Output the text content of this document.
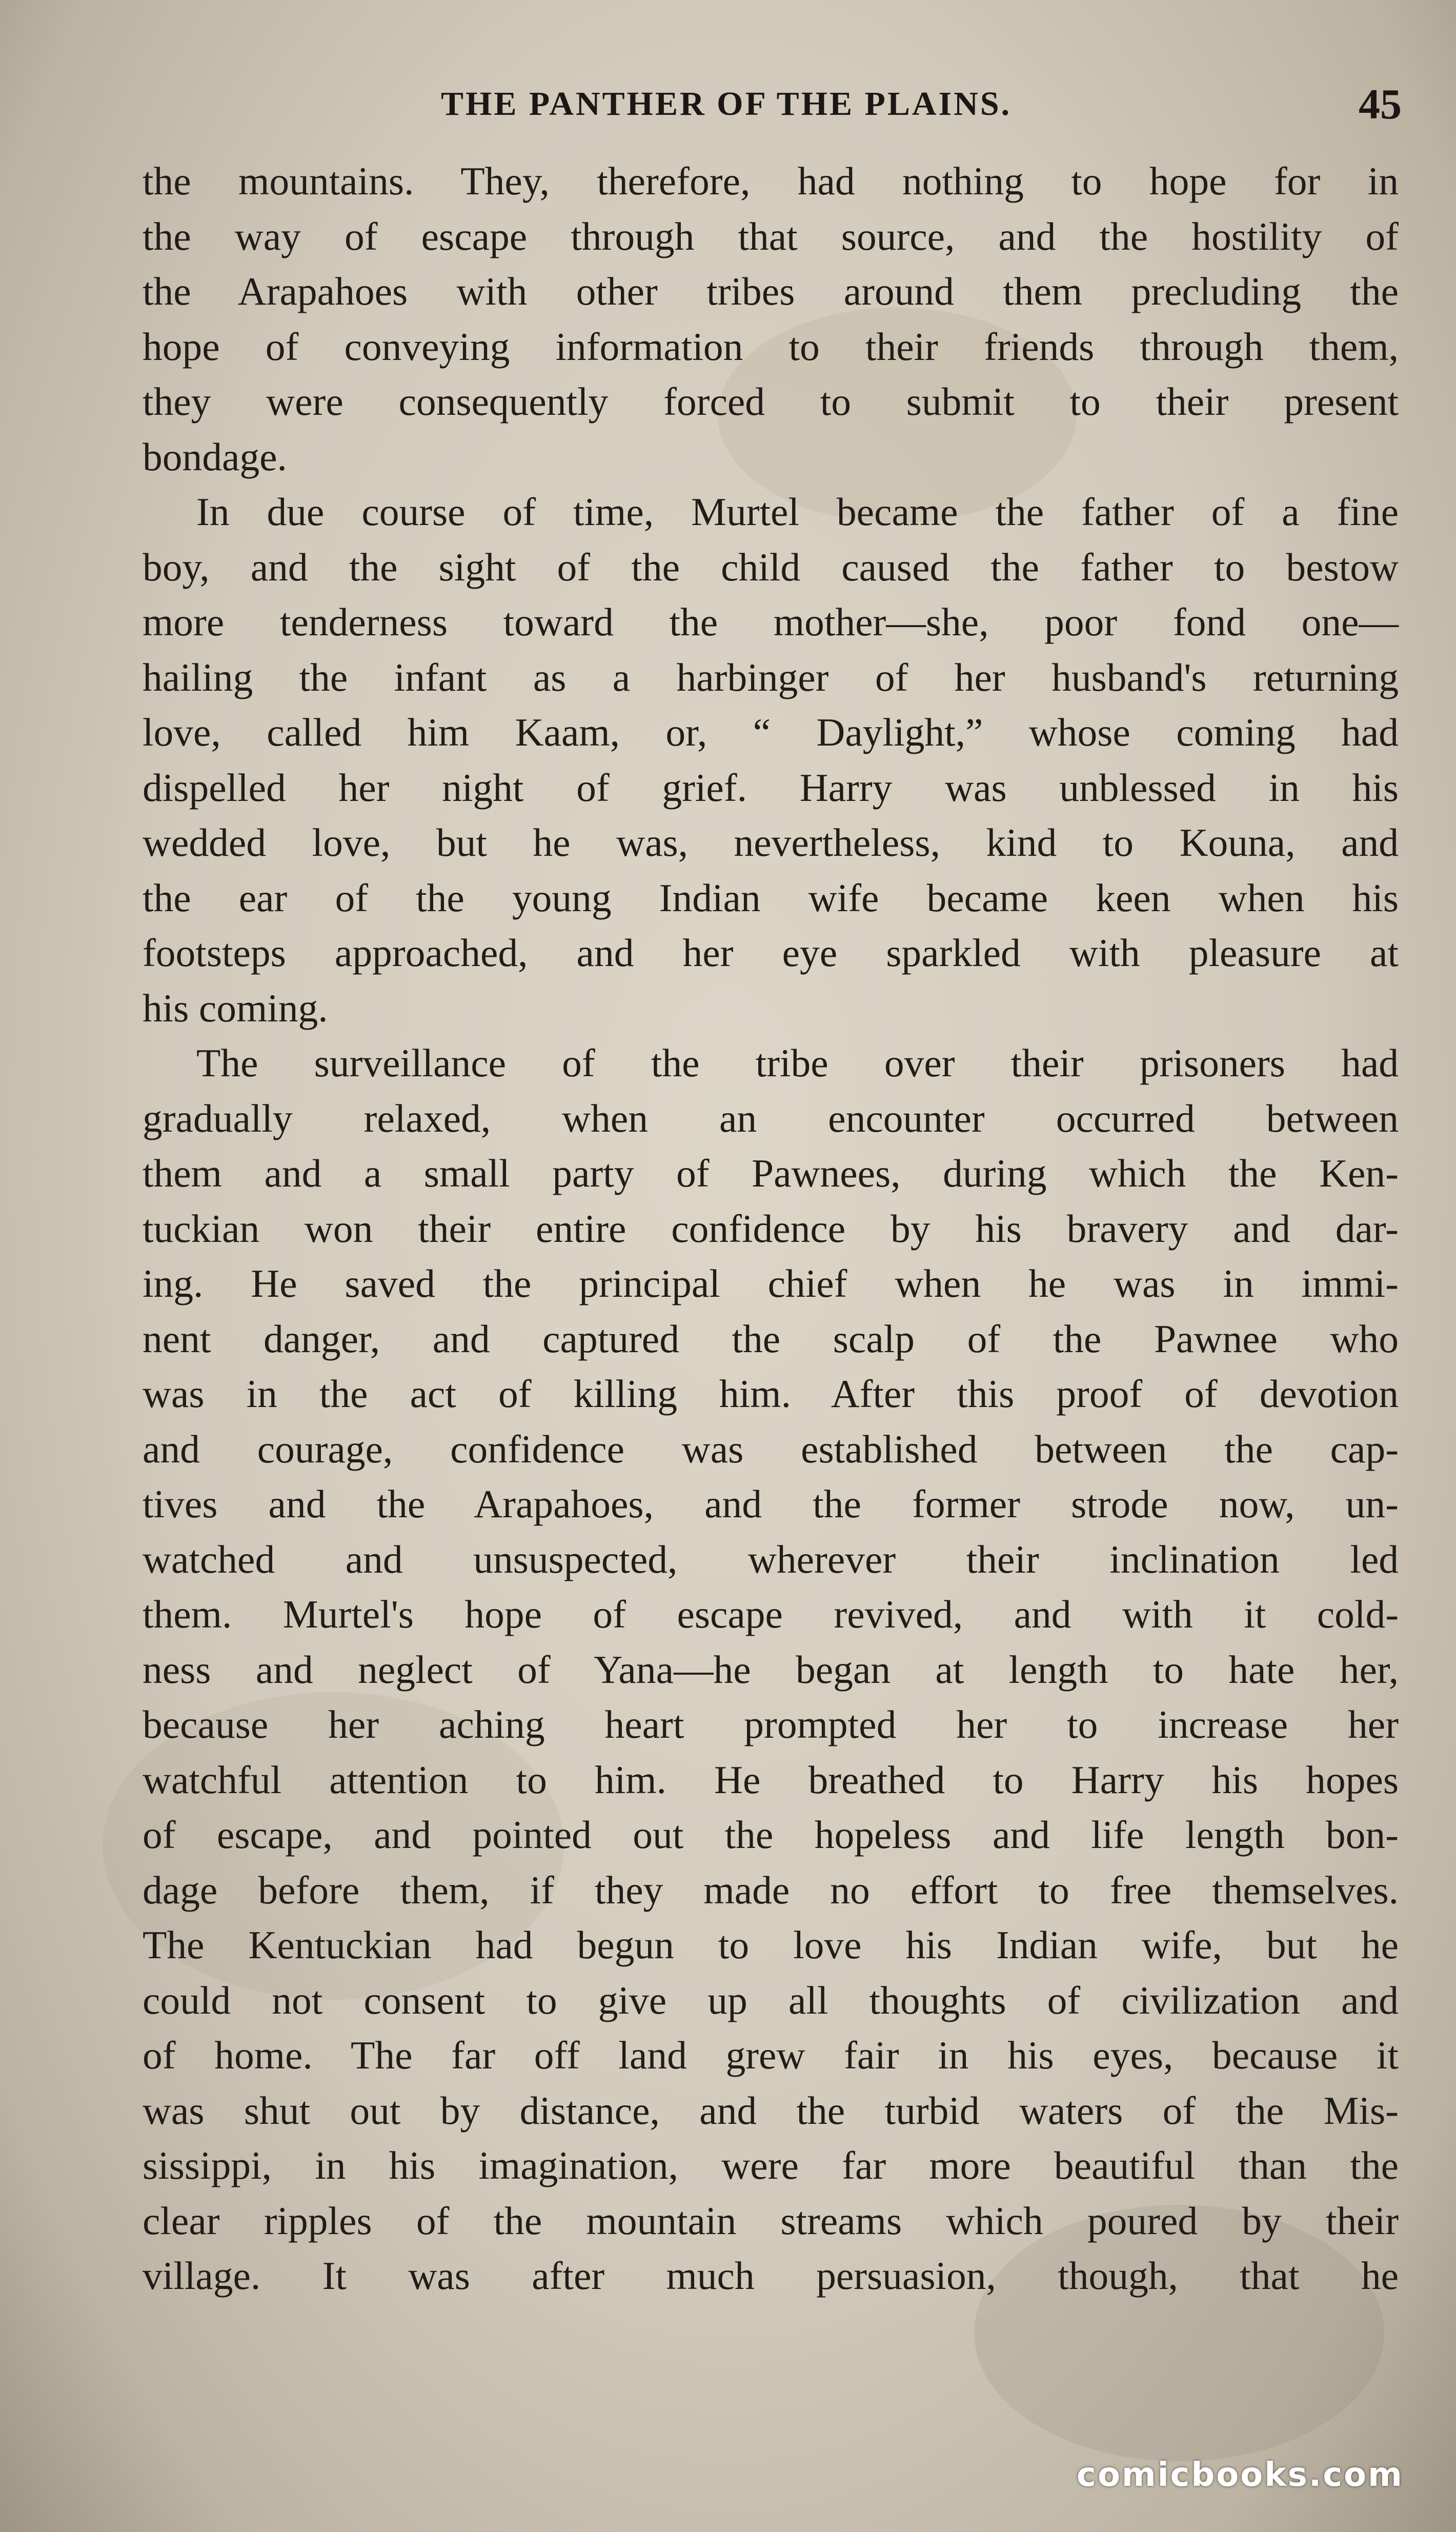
THE PANTHER OF THE PLAINS.	45
the mountains. They, therefore, had nothing to hope for in
the way of escape through that source, and the hostility of
the Arapahoes with other tribes around them precluding the
hope of conveying information to their friends through them,
they were consequently forced to submit to their present
bondage.
In due course of time, Murtel became the father of a fine
boy, and the sight of the child caused the father to bestow
more tenderness toward the mother—she, poor fond one—
hailing the infant as a harbinger of her husband's returning
love, called him Kaam, or, “ Daylight,” whose coming had
dispelled her night of grief. Harry was unblessed in his
wedded love, but he was, nevertheless, kind to Kouna, and
the ear of the young Indian wife became keen when his
footsteps approached, and her eye sparkled with pleasure at
his coming.
The surveillance of the tribe over their prisoners had
gradually relaxed, when an encounter occurred between
them and a small party of Pawnees, during which the Ken-
tuckian won their entire confidence by his bravery and dar-
ing. He saved the principal chief when he was in immi-
nent danger, and captured the scalp of the Pawnee who
was in the act of killing him. After this proof of devotion
and courage, confidence was established between the cap-
tives and the Arapahoes, and the former strode now, un-
watched and unsuspected, wherever their inclination led
them. Murtel's hope of escape revived, and with it cold-
ness and neglect of Yana—he began at length to hate her,
because her aching heart prompted her to increase her
watchful attention to him. He breathed to Harry his hopes
of escape, and pointed out the hopeless and life length bon-
dage before them, if they made no effort to free themselves.
The Kentuckian had begun to love his Indian wife, but he
could not consent to give up all thoughts of civilization and
of home. The far off land grew fair in his eyes, because it
was shut out by distance, and the turbid waters of the Mis-
sissippi, in his imagination, were far more beautiful than the
clear ripples of the mountain streams which poured by their
village. It was after much persuasion, though, that he
comicbooks.com
